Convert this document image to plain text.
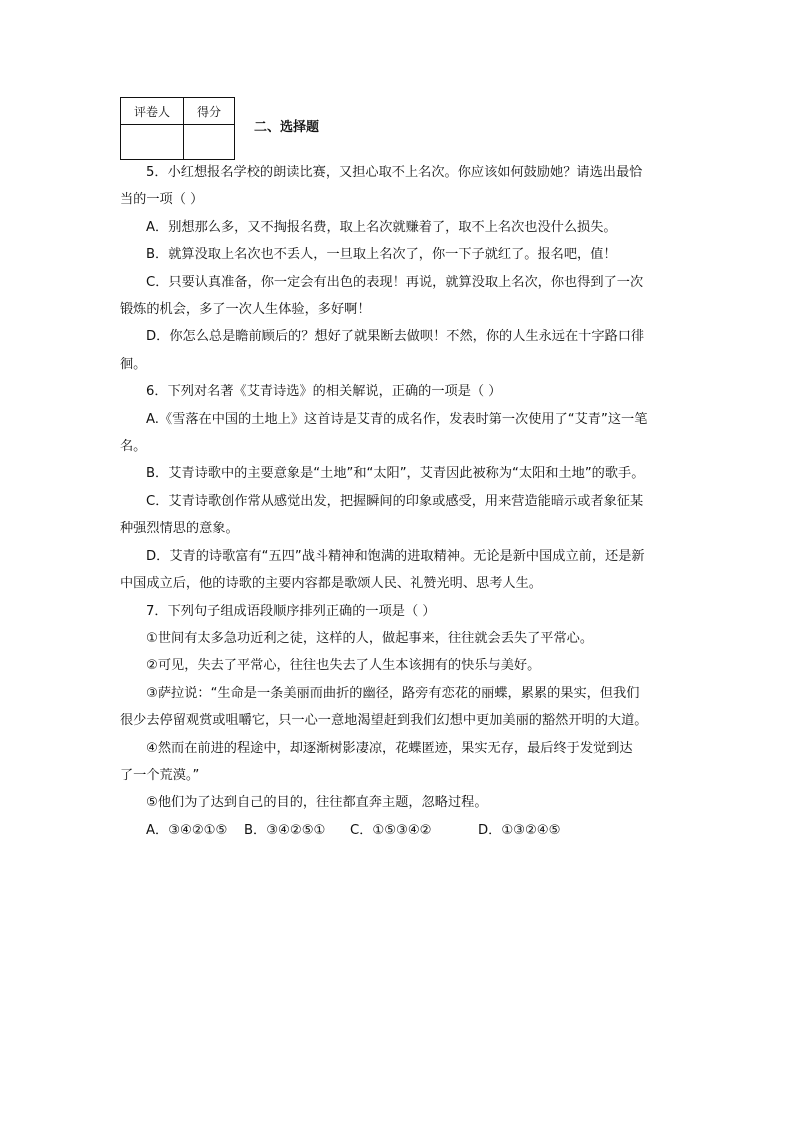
评卷人	得分

二、选择题

5．小红想报名学校的朗读比赛，又担心取不上名次。你应该如何鼓励她？请选出最恰

当的一项（ ）

A．别想那么多，又不掏报名费，取上名次就赚着了，取不上名次也没什么损失。

B．就算没取上名次也不丢人，一旦取上名次了，你一下子就红了。报名吧，值！

C．只要认真准备，你一定会有出色的表现！再说，就算没取上名次，你也得到了一次

锻炼的机会，多了一次人生体验，多好啊！

D．你怎么总是瞻前顾后的？想好了就果断去做呗！不然，你的人生永远在十字路口徘

徊。

6．下列对名著《艾青诗选》的相关解说，正确的一项是（ ）

A.《雪落在中国的土地上》这首诗是艾青的成名作，发表时第一次使用了“艾青”这一笔

名。

B．艾青诗歌中的主要意象是“土地”和“太阳”，艾青因此被称为“太阳和土地”的歌手。

C．艾青诗歌创作常从感觉出发，把握瞬间的印象或感受，用来营造能暗示或者象征某

种强烈情思的意象。

D．艾青的诗歌富有“五四”战斗精神和饱满的进取精神。无论是新中国成立前，还是新

中国成立后，他的诗歌的主要内容都是歌颂人民、礼赞光明、思考人生。

7．下列句子组成语段顺序排列正确的一项是（ ）

①世间有太多急功近利之徒，这样的人，做起事来，往往就会丢失了平常心。

②可见，失去了平常心，往往也失去了人生本该拥有的快乐与美好。

③萨拉说：“生命是一条美丽而曲折的幽径，路旁有恋花的丽蝶，累累的果实，但我们

很少去停留观赏或咀嚼它，只一心一意地渴望赶到我们幻想中更加美丽的豁然开明的大道。

④然而在前进的程途中，却逐渐树影凄凉，花蝶匿迹，果实无存，最后终于发觉到达

了一个荒漠。”

⑤他们为了达到自己的目的，往往都直奔主题，忽略过程。

A．③④②①⑤ B．③④②⑤① C．①⑤③④②	D．①③②④⑤
